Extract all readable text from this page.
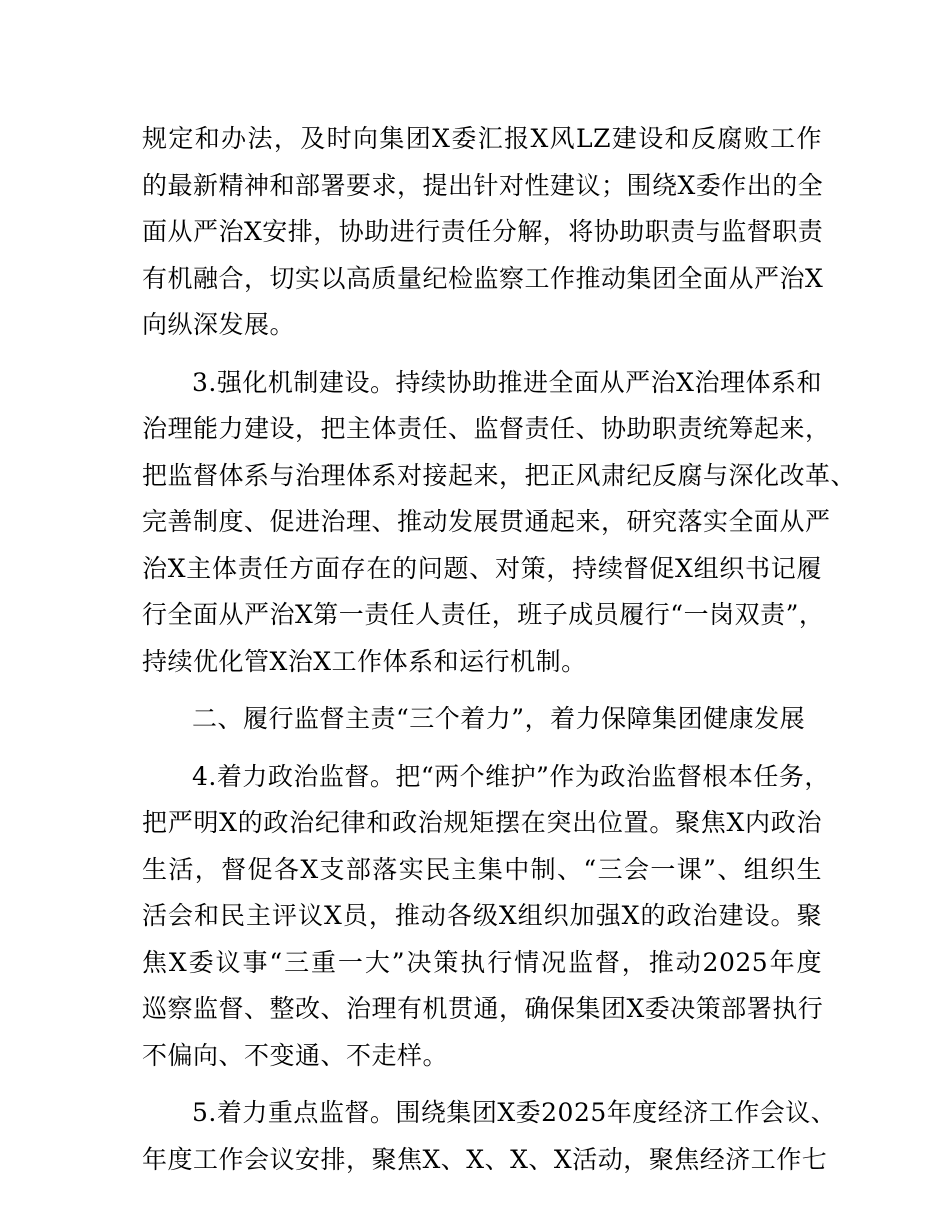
规定和办法，及时向集团X委汇报X风LZ建设和反腐败工作
的最新精神和部署要求，提出针对性建议；围绕X委作出的全
面从严治X安排，协助进行责任分解，将协助职责与监督职责
有机融合，切实以高质量纪检监察工作推动集团全面从严治X
向纵深发展。

3.强化机制建设。持续协助推进全面从严治X治理体系和
治理能力建设，把主体责任、监督责任、协助职责统筹起来，
把监督体系与治理体系对接起来，把正风肃纪反腐与深化改革、
完善制度、促进治理、推动发展贯通起来，研究落实全面从严
治X主体责任方面存在的问题、对策，持续督促X组织书记履
行全面从严治X第一责任人责任，班子成员履行“一岗双责”，
持续优化管X治X工作体系和运行机制。

二、履行监督主责“三个着力”，着力保障集团健康发展

4.着力政治监督。把“两个维护”作为政治监督根本任务，
把严明X的政治纪律和政治规矩摆在突出位置。聚焦X内政治
生活，督促各X支部落实民主集中制、“三会一课”、组织生
活会和民主评议X员，推动各级X组织加强X的政治建设。聚
焦X委议事“三重一大”决策执行情况监督，推动2025年度
巡察监督、整改、治理有机贯通，确保集团X委决策部署执行
不偏向、不变通、不走样。

5.着力重点监督。围绕集团X委2025年度经济工作会议、
年度工作会议安排，聚焦X、X、X、X活动，聚焦经济工作七
